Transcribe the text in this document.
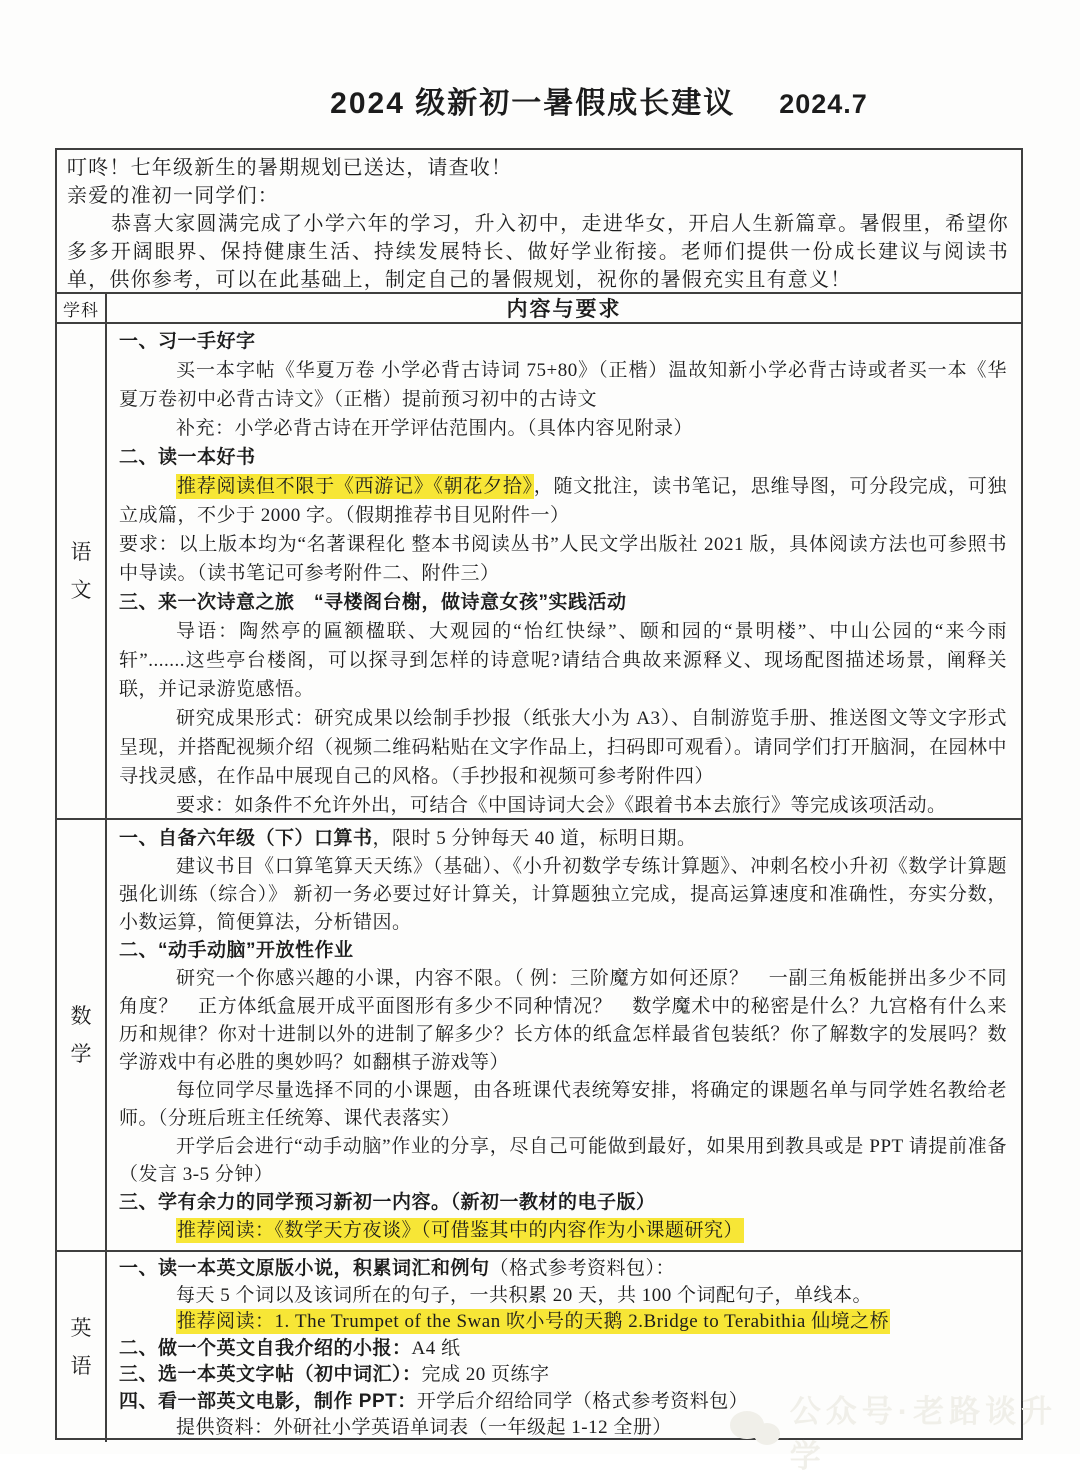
2024 级新初一暑假成长建议 2024.7

叮咚！七年级新生的暑期规划已送达，请查收！

亲爱的准初一同学们：

恭喜大家圆满完成了小学六年的学习，升入初中，走进华女，开启人生新篇章。暑假里，希望你多多开阔眼界、保持健康生活、持续发展特长、做好学业衔接。老师们提供一份成长建议与阅读书单，供你参考，可以在此基础上，制定自己的暑假规划，祝你的暑假充实且有意义！

学科	内容与要求
语文

一、习一手好字

买一本字帖《华夏万卷 小学必背古诗词 75+80》（正楷）温故知新小学必背古诗或者买一本《华夏万卷初中必背古诗文》（正楷）提前预习初中的古诗文

补充：小学必背古诗在开学评估范围内。（具体内容见附录）

二、读一本好书

推荐阅读但不限于《西游记》《朝花夕拾》，随文批注，读书笔记，思维导图，可分段完成，可独立成篇，不少于 2000 字。（假期推荐书目见附件一）

要求：以上版本均为“名著课程化 整本书阅读丛书”人民文学出版社 2021 版，具体阅读方法也可参照书中导读。（读书笔记可参考附件二、附件三）

三、来一次诗意之旅　“寻楼阁台榭，做诗意女孩”实践活动

导语：陶然亭的匾额楹联、大观园的“怡红快绿”、颐和园的“景明楼”、中山公园的“来今雨轩”.......这些亭台楼阁，可以探寻到怎样的诗意呢?请结合典故来源释义、现场配图描述场景，阐释关联，并记录游览感悟。

研究成果形式：研究成果以绘制手抄报（纸张大小为 A3）、自制游览手册、推送图文等文字形式呈现，并搭配视频介绍（视频二维码粘贴在文字作品上，扫码即可观看）。请同学们打开脑洞，在园林中寻找灵感，在作品中展现自己的风格。（手抄报和视频可参考附件四）

要求：如条件不允许外出，可结合《中国诗词大会》《跟着书本去旅行》等完成该项活动。

数学

一、自备六年级（下）口算书，限时 5 分钟每天 40 道，标明日期。

建议书目《口算笔算天天练》（基础）、《小升初数学专练计算题》、冲刺名校小升初《数学计算题强化训练（综合）》 新初一务必要过好计算关，计算题独立完成，提高运算速度和准确性，夯实分数，小数运算，简便算法，分析错因。

二、“动手动脑”开放性作业

研究一个你感兴趣的小课，内容不限。（ 例：三阶魔方如何还原？　一副三角板能拼出多少不同角度？　正方体纸盒展开成平面图形有多少不同种情况？　数学魔术中的秘密是什么？九宫格有什么来历和规律？你对十进制以外的进制了解多少？长方体的纸盒怎样最省包装纸？你了解数字的发展吗？数学游戏中有必胜的奥妙吗？如翻棋子游戏等）

每位同学尽量选择不同的小课题，由各班课代表统筹安排，将确定的课题名单与同学姓名教给老师。（分班后班主任统筹、课代表落实）

开学后会进行“动手动脑”作业的分享，尽自己可能做到最好，如果用到教具或是 PPT 请提前准备（发言 3-5 分钟）

三、学有余力的同学预习新初一内容。（新初一教材的电子版）

推荐阅读：《数学天方夜谈》（可借鉴其中的内容作为小课题研究）

英语

一、读一本英文原版小说，积累词汇和例句（格式参考资料包）：

每天 5 个词以及该词所在的句子，一共积累 20 天，共 100 个词配句子，单线本。

推荐阅读：1. The Trumpet of the Swan 吹小号的天鹅 2.Bridge to Terabithia 仙境之桥

二、做一个英文自我介绍的小报：A4 纸

三、选一本英文字帖（初中词汇）：完成 20 页练字

四、看一部英文电影，制作 PPT：开学后介绍给同学（格式参考资料包）

提供资料：外研社小学英语单词表（一年级起 1-12 全册）	公众号·老路谈升学
